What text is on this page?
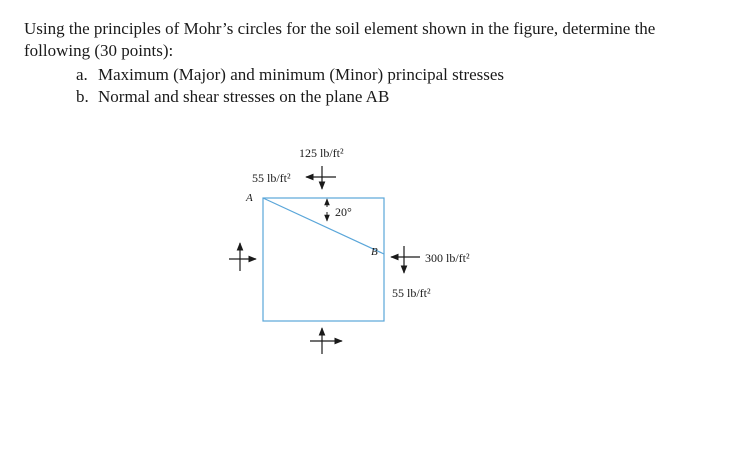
Using the principles of Mohr’s circles for the soil element shown in the figure, determine the following (30 points):

a. Maximum (Major) and minimum (Minor) principal stresses
b. Normal and shear stresses on the plane AB
125 lb/ft²
55 lb/ft²
A
B
20°
300 lb/ft²
55 lb/ft²
